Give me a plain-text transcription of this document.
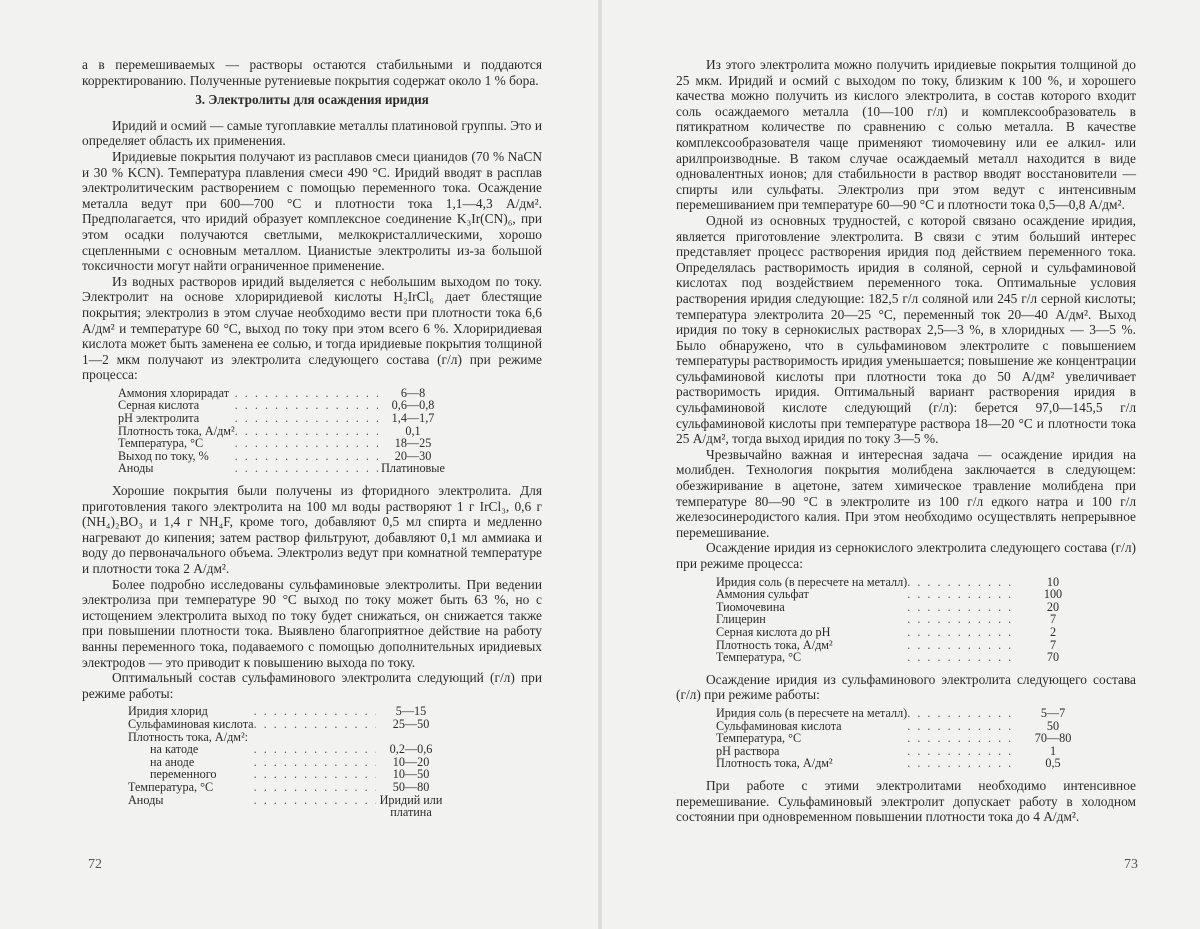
а в перемешиваемых — растворы остаются стабильными и поддаются корректированию. Полученные рутениевые покрытия содержат около 1 % бора.

3. Электролиты для осаждения иридия

Иридий и осмий — самые тугоплавкие металлы платиновой группы. Это и определяет область их применения.

Иридиевые покрытия получают из расплавов смеси цианидов (70 % NaCN и 30 % KCN). Температура плавления смеси 490 °С. Иридий вводят в расплав электролитическим растворением с помощью переменного тока. Осаждение металла ведут при 600—700 °С и плотности тока 1,1—4,3 А/дм². Предполагается, что иридий образует комплексное соединение K₃Ir(CN)₆, при этом осадки получаются светлыми, мелкокристаллическими, хорошо сцепленными с основным металлом. Цианистые электролиты из-за большой токсичности могут найти ограниченное применение.

Из водных растворов иридий выделяется с небольшим выходом по току. Электролит на основе хлориридиевой кислоты H₂IrCl₆ дает блестящие покрытия; электролиз в этом случае необходимо вести при плотности тока 6,6 А/дм² и температуре 60 °С, выход по току при этом всего 6 %. Хлориридиевая кислота может быть заменена ее солью, и тогда иридиевые покрытия толщиной 1—2 мкм получают из электролита следующего состава (г/л) при режиме процесса:

Аммония хлорирадат	. . .	6—8
Серная кислота	. . .	0,6—0,8
pH электролита	. . .	1,4—1,7
Плотность тока, А/дм²	. . .	0,1
Температура, °С	. . .	18—25
Выход по току, %	. . .	20—30
Аноды	. . .	Платиновые

Хорошие покрытия были получены из фторидного электролита. Для приготовления такого электролита на 100 мл воды растворяют 1 г IrCl₃, 0,6 г (NH₄)₂BO₃ и 1,4 г NH₄F, кроме того, добавляют 0,5 мл спирта и медленно нагревают до кипения; затем раствор фильтруют, добавляют 0,1 мл аммиака и воду до первоначального объема. Электролиз ведут при комнатной температуре и плотности тока 2 А/дм².

Более подробно исследованы сульфаминовые электролиты. При ведении электролиза при температуре 90 °С выход по току может быть 63 %, но с истощением электролита выход по току будет снижаться, он снижается также при повышении плотности тока. Выявлено благоприятное действие на работу ванны переменного тока, подаваемого с помощью дополнительных иридиевых электродов — это приводит к повышению выхода по току.

Оптимальный состав сульфаминового электролита следующий (г/л) при режиме работы:

Иридия хлорид	. . .	5—15
Сульфаминовая кислота	. . .	25—50
Плотность тока, А/дм²:		
на катоде	. . .	0,2—0,6
на аноде	. . .	10—20
переменного	. . .	10—50
Температура, °С	. . .	50—80
Аноды	. . .	Иридий или платина
72	73

Из этого электролита можно получить иридиевые покрытия толщиной до 25 мкм. Иридий и осмий с выходом по току, близким к 100 %, и хорошего качества можно получить из кислого электролита, в состав которого входит соль осаждаемого металла (10—100 г/л) и комплексообразователь в пятикратном количестве по сравнению с солью металла. В качестве комплексообразователя чаще применяют тиомочевину или ее алкил- или арилпроизводные. В таком случае осаждаемый металл находится в виде одновалентных ионов; для стабильности в раствор вводят восстановители — спирты или сульфаты. Электролиз при этом ведут с интенсивным перемешиванием при температуре 60—90 °С и плотности тока 0,5—0,8 А/дм².

Одной из основных трудностей, с которой связано осаждение иридия, является приготовление электролита. В связи с этим больший интерес представляет процесс растворения иридия под действием переменного тока. Определялась растворимость иридия в соляной, серной и сульфаминовой кислотах под воздействием переменного тока. Оптимальные условия растворения иридия следующие: 182,5 г/л соляной или 245 г/л серной кислоты; температура электролита 20—25 °С, переменный ток 20—40 А/дм². Выход иридия по току в сернокислых растворах 2,5—3 %, в хлоридных — 3—5 %. Было обнаружено, что в сульфаминовом электролите с повышением температуры растворимость иридия уменьшается; повышение же концентрации сульфаминовой кислоты при плотности тока до 50 А/дм² увеличивает растворимость иридия. Оптимальный вариант растворения иридия в сульфаминовой кислоте следующий (г/л): берется 97,0—145,5 г/л сульфаминовой кислоты при температуре раствора 18—20 °С и плотности тока 25 А/дм², тогда выход иридия по току 3—5 %.

Чрезвычайно важная и интересная задача — осаждение иридия на молибден. Технология покрытия молибдена заключается в следующем: обезжиривание в ацетоне, затем химическое травление молибдена при температуре 80—90 °С в электролите из 100 г/л едкого натра и 100 г/л железосинеродистого калия. При этом необходимо осуществлять непрерывное перемешивание.

Осаждение иридия из сернокислого электролита следующего состава (г/л) при режиме процесса:

Иридия соль (в пересчете на металл)	. . .	10
Аммония сульфат	. . .	100
Тиомочевина	. . .	20
Глицерин	. . .	7
Серная кислота до pH	. . .	2
Плотность тока, А/дм²	. . .	7
Температура, °С	. . .	70

Осаждение иридия из сульфаминового электролита следующего состава (г/л) при режиме работы:

Иридия соль (в пересчете на металл)	. . .	5—7
Сульфаминовая кислота	. . .	50
Температура, °С	. . .	70—80
pH раствора	. . .	1
Плотность тока, А/дм²	. . .	0,5

При работе с этими электролитами необходимо интенсивное перемешивание. Сульфаминовый электролит допускает работу в холодном состоянии при одновременном повышении плотности тока до 4 А/дм².
